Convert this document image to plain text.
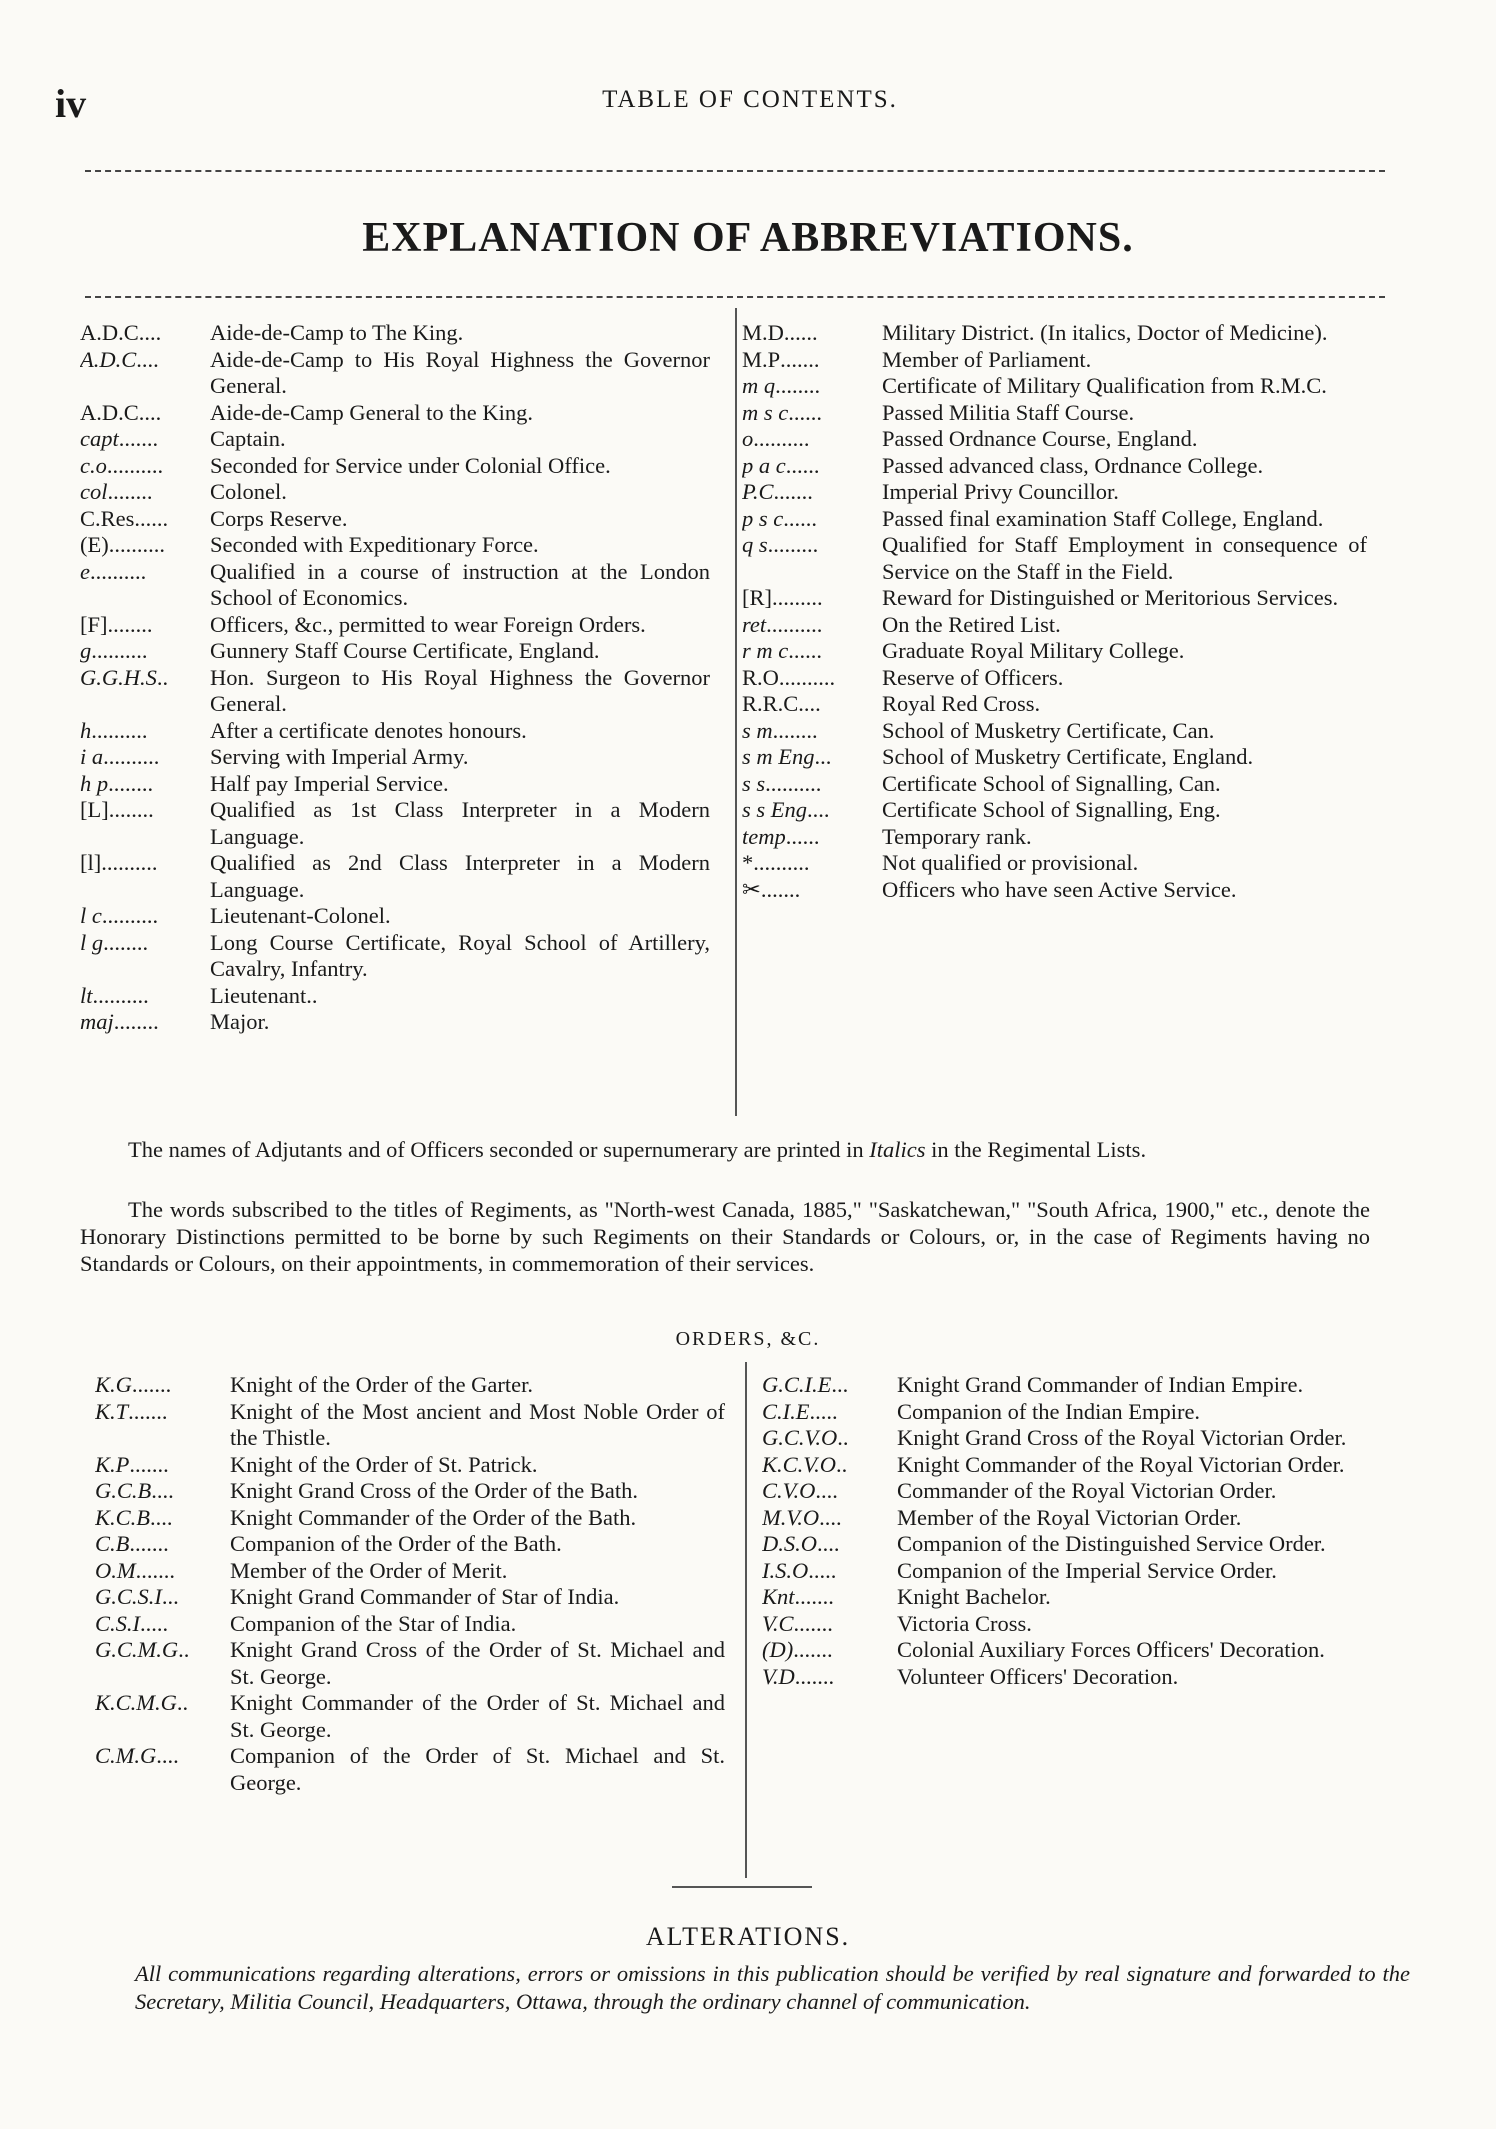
iv	TABLE OF CONTENTS.
EXPLANATION OF ABBREVIATIONS.
A.D.C .... Aide-de-Camp to The King.
A.D.C .... Aide-de-Camp to His Royal Highness the Governor General.
A.D.C .... Aide-de-Camp General to the King.
capt ....... Captain.
c.o .......... Seconded for Service under Colonial Office.
col ........	Colonel.
C.Res ...... Corps Reserve.
(E) .......... Seconded with Expeditionary Force.
e ..........	Qualified in a course of instruction at the London School of Economics.
[F] ........	Officers, &c., permitted to wear Foreign Orders.
g ..........	Gunnery Staff Course Certificate, England.
G.G.H.S .. Hon. Surgeon to His Royal Highness the Governor General.
h ..........	After a certificate denotes honours.
i a .......... Serving with Imperial Army.
h p ........	Half pay Imperial Service.
[L] ........	Qualified as 1st Class Interpreter in a Modern Language.
[l] .......... Qualified as 2nd Class Interpreter in a Modern Language.
l c .......... Lieutenant-Colonel.
l g ........	Long Course Certificate, Royal School of Artillery, Cavalry, Infantry.
lt ..........	Lieutenant..
maj ........ Major.
M.D ......	Military District. (In italics, Doctor of Medicine).
M.P .......	Member of Parliament.
m q ........	Certificate of Military Qualification from R.M.C.
m s c ......	Passed Militia Staff Course.
o ..........	Passed Ordnance Course, England.
p a c ......	Passed advanced class, Ordnance College.
P.C .......	Imperial Privy Councillor.
p s c ......	Passed final examination Staff College, England.
q s .........	Qualified for Staff Employment in consequence of Service on the Staff in the Field.
[R] .........	Reward for Distinguished or Meritorious Services.
ret ..........	On the Retired List.
r m c ......	Graduate Royal Military College.
R.O .......... Reserve of Officers.
R.R.C ....	Royal Red Cross.
s m ........	School of Musketry Certificate, Can.
s m Eng ... School of Musketry Certificate, England.
s s ..........	Certificate School of Signalling, Can.
s s Eng .... Certificate School of Signalling, Eng.
temp ......	Temporary rank.
* ..........	Not qualified or provisional.
✂ .......	Officers who have seen Active Service.
The names of Adjutants and of Officers seconded or supernumerary are printed in Italics in the Regimental Lists.
The words subscribed to the titles of Regiments, as "North-west Canada, 1885," "Saskatchewan," "South Africa, 1900," etc., denote the Honorary Distinctions permitted to be borne by such Regiments on their Standards or Colours, or, in the case of Regiments having no Standards or Colours, on their appointments, in commemoration of their services.
ORDERS, &C.
K.G .......	Knight of the Order of the Garter.
K.T .......	Knight of the Most ancient and Most Noble Order of the Thistle.
K.P .......	Knight of the Order of St. Patrick.
G.C.B ....	Knight Grand Cross of the Order of the Bath.
K.C.B ....	Knight Commander of the Order of the Bath.
C.B .......	Companion of the Order of the Bath.
O.M ....... Member of the Order of Merit.
G.C.S.I ... Knight Grand Commander of Star of India.
C.S.I .....	Companion of the Star of India.
G.C.M.G .. Knight Grand Cross of the Order of St. Michael and St. George.
K.C.M.G .. Knight Commander of the Order of St. Michael and St. George.
C.M.G .... Companion of the Order of St. Michael and St. George.
G.C.I.E ... Knight Grand Commander of Indian Empire.
C.I.E .....	Companion of the Indian Empire.
G.C.V.O .. Knight Grand Cross of the Royal Victorian Order.
K.C.V.O .. Knight Commander of the Royal Victorian Order.
C.V.O ....	Commander of the Royal Victorian Order.
M.V.O .... Member of the Royal Victorian Order.
D.S.O ....	Companion of the Distinguished Service Order.
I.S.O .....	Companion of the Imperial Service Order.
Knt .......	Knight Bachelor.
V.C .......	Victoria Cross.
(D) .......	Colonial Auxiliary Forces Officers' Decoration.
V.D .......	Volunteer Officers' Decoration.
ALTERATIONS.
All communications regarding alterations, errors or omissions in this publication should be verified by real signature and forwarded to the Secretary, Militia Council, Headquarters, Ottawa, through the ordinary channel of communication.
